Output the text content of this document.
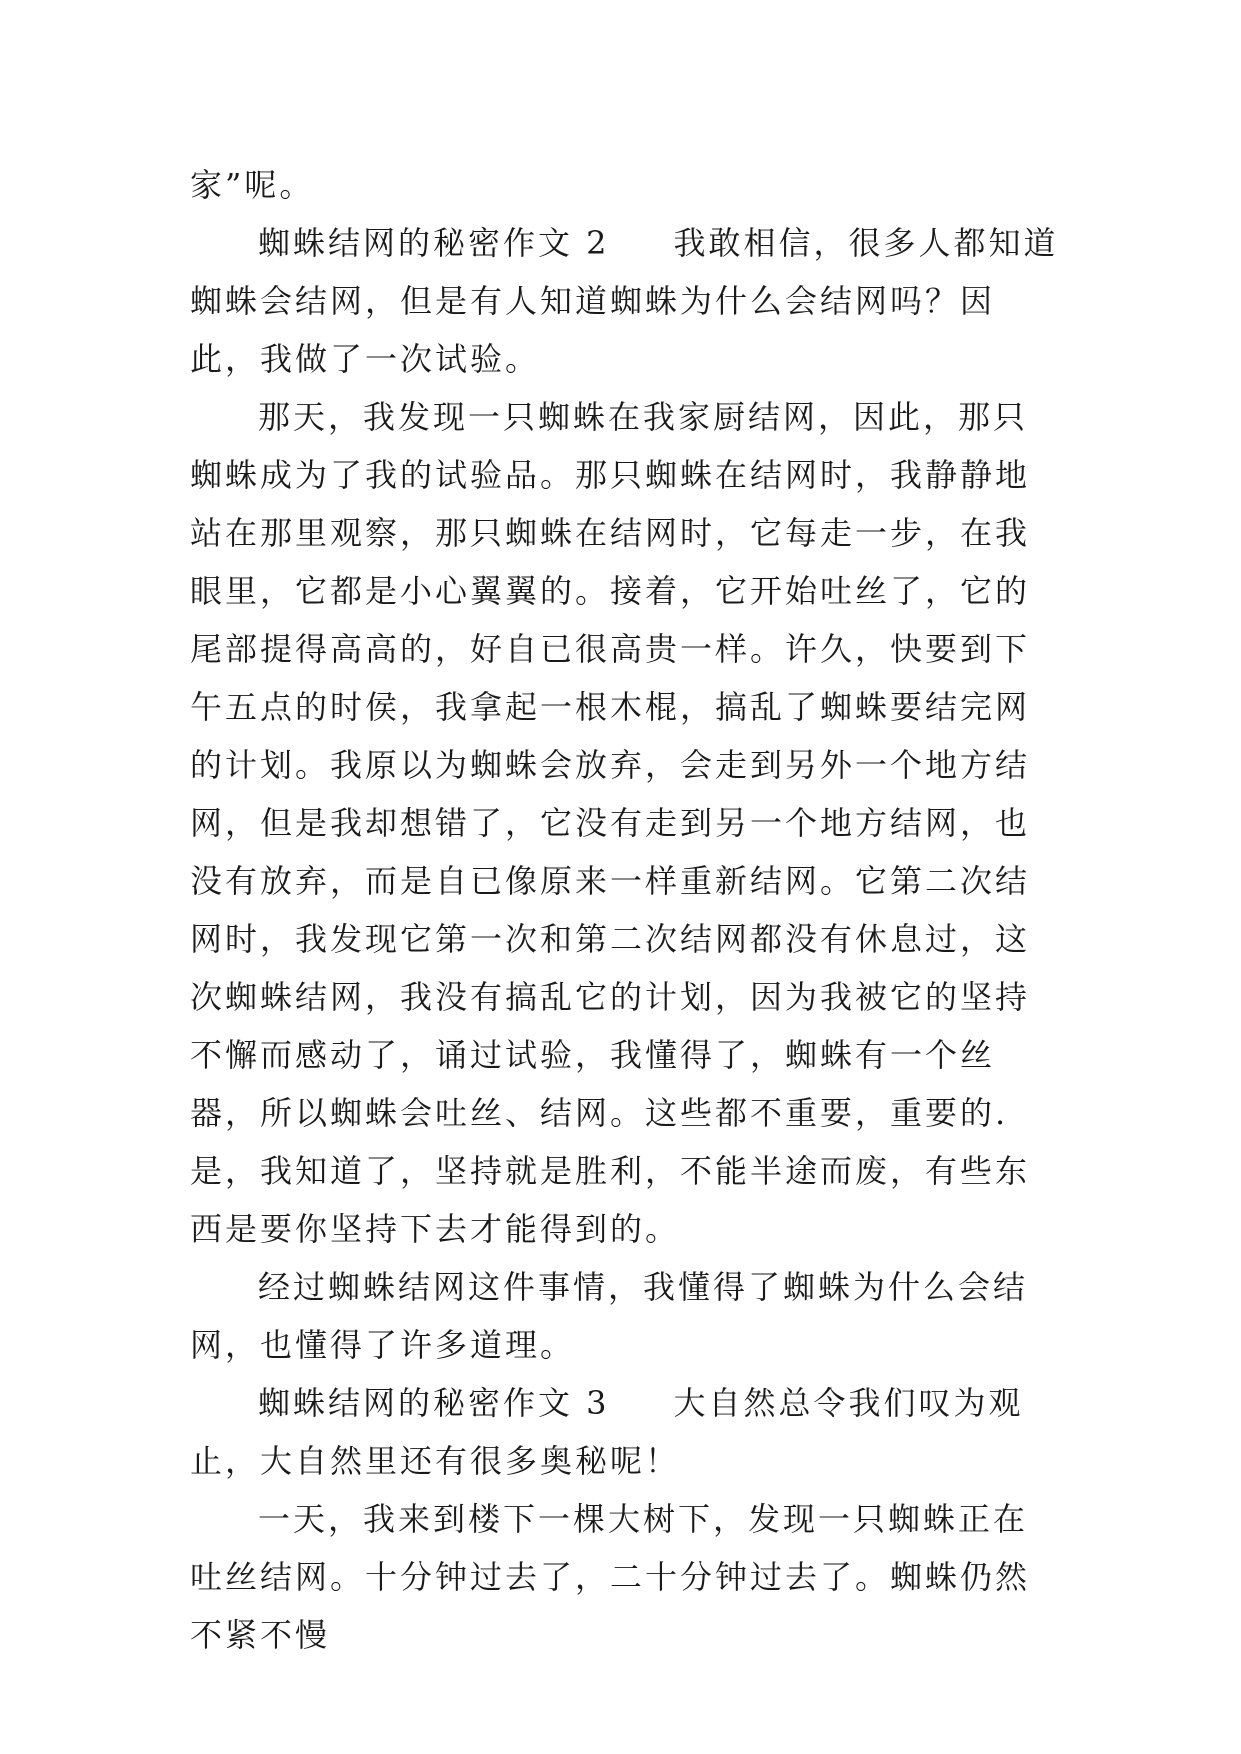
家”呢。

蜘蛛结网的秘密作文 2 我敢相信，很多人都知道蜘蛛会结网，但是有人知道蜘蛛为什么会结网吗？因此，我做了一次试验。

那天，我发现一只蜘蛛在我家厨结网，因此，那只蜘蛛成为了我的试验品。那只蜘蛛在结网时，我静静地站在那里观察，那只蜘蛛在结网时，它每走一步，在我眼里，它都是小心翼翼的。接着，它开始吐丝了，它的尾部提得高高的，好自已很高贵一样。许久，快要到下午五点的时侯，我拿起一根木棍，搞乱了蜘蛛要结完网的计划。我原以为蜘蛛会放弃，会走到另外一个地方结网，但是我却想错了，它没有走到另一个地方结网，也没有放弃，而是自已像原来一样重新结网。它第二次结网时，我发现它第一次和第二次结网都没有休息过，这次蜘蛛结网，我没有搞乱它的计划，因为我被它的坚持不懈而感动了，诵过试验，我懂得了，蜘蛛有一个丝器，所以蜘蛛会吐丝、结网。这些都不重要，重要的.是，我知道了，坚持就是胜利，不能半途而废，有些东西是要你坚持下去才能得到的。

经过蜘蛛结网这件事情，我懂得了蜘蛛为什么会结网，也懂得了许多道理。

蜘蛛结网的秘密作文 3 大自然总令我们叹为观止，大自然里还有很多奥秘呢！

一天，我来到楼下一棵大树下，发现一只蜘蛛正在吐丝结网。十分钟过去了，二十分钟过去了。蜘蛛仍然不紧不慢
